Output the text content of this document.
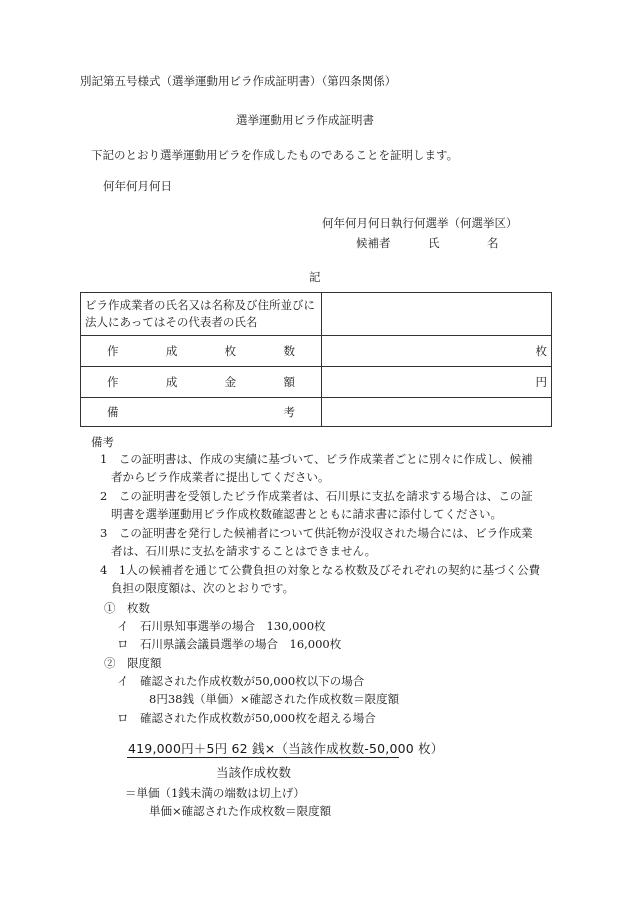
別記第五号様式（選挙運動用ビラ作成証明書）（第四条関係）
選挙運動用ビラ作成証明書
下記のとおり選挙運動用ビラを作成したものであることを証明します。
何年何月何日
何年何月何日執行何選挙（何選挙区）
候補者	氏	名
記
ビラ作成業者の氏名又は名称及び住所並びに法人にあってはその代表者の氏名	

作 成 枚 数	枚

作 成 金 額	円

備 考	

備考
1　この証明書は、作成の実績に基づいて、ビラ作成業者ごとに別々に作成し、候補
者からビラ作成業者に提出してください。
2　この証明書を受領したビラ作成業者は、石川県に支払を請求する場合は、この証
明書を選挙運動用ビラ作成枚数確認書とともに請求書に添付してください。
3　この証明書を発行した候補者について供託物が没収された場合には、ビラ作成業
者は、石川県に支払を請求することはできません。
4　1人の候補者を通じて公費負担の対象となる枚数及びそれぞれの契約に基づく公費
負担の限度額は、次のとおりです。
①　枚数
イ　石川県知事選挙の場合　130,000枚
ロ　石川県議会議員選挙の場合　16,000枚
②　限度額
イ　確認された作成枚数が50,000枚以下の場合
8円38銭（単価）×確認された作成枚数＝限度額
ロ　確認された作成枚数が50,000枚を超える場合
419,000円＋5円 62 銭×（当該作成枚数-50,000 枚）
当該作成枚数
＝単価（1銭未満の端数は切上げ）
単価×確認された作成枚数＝限度額
